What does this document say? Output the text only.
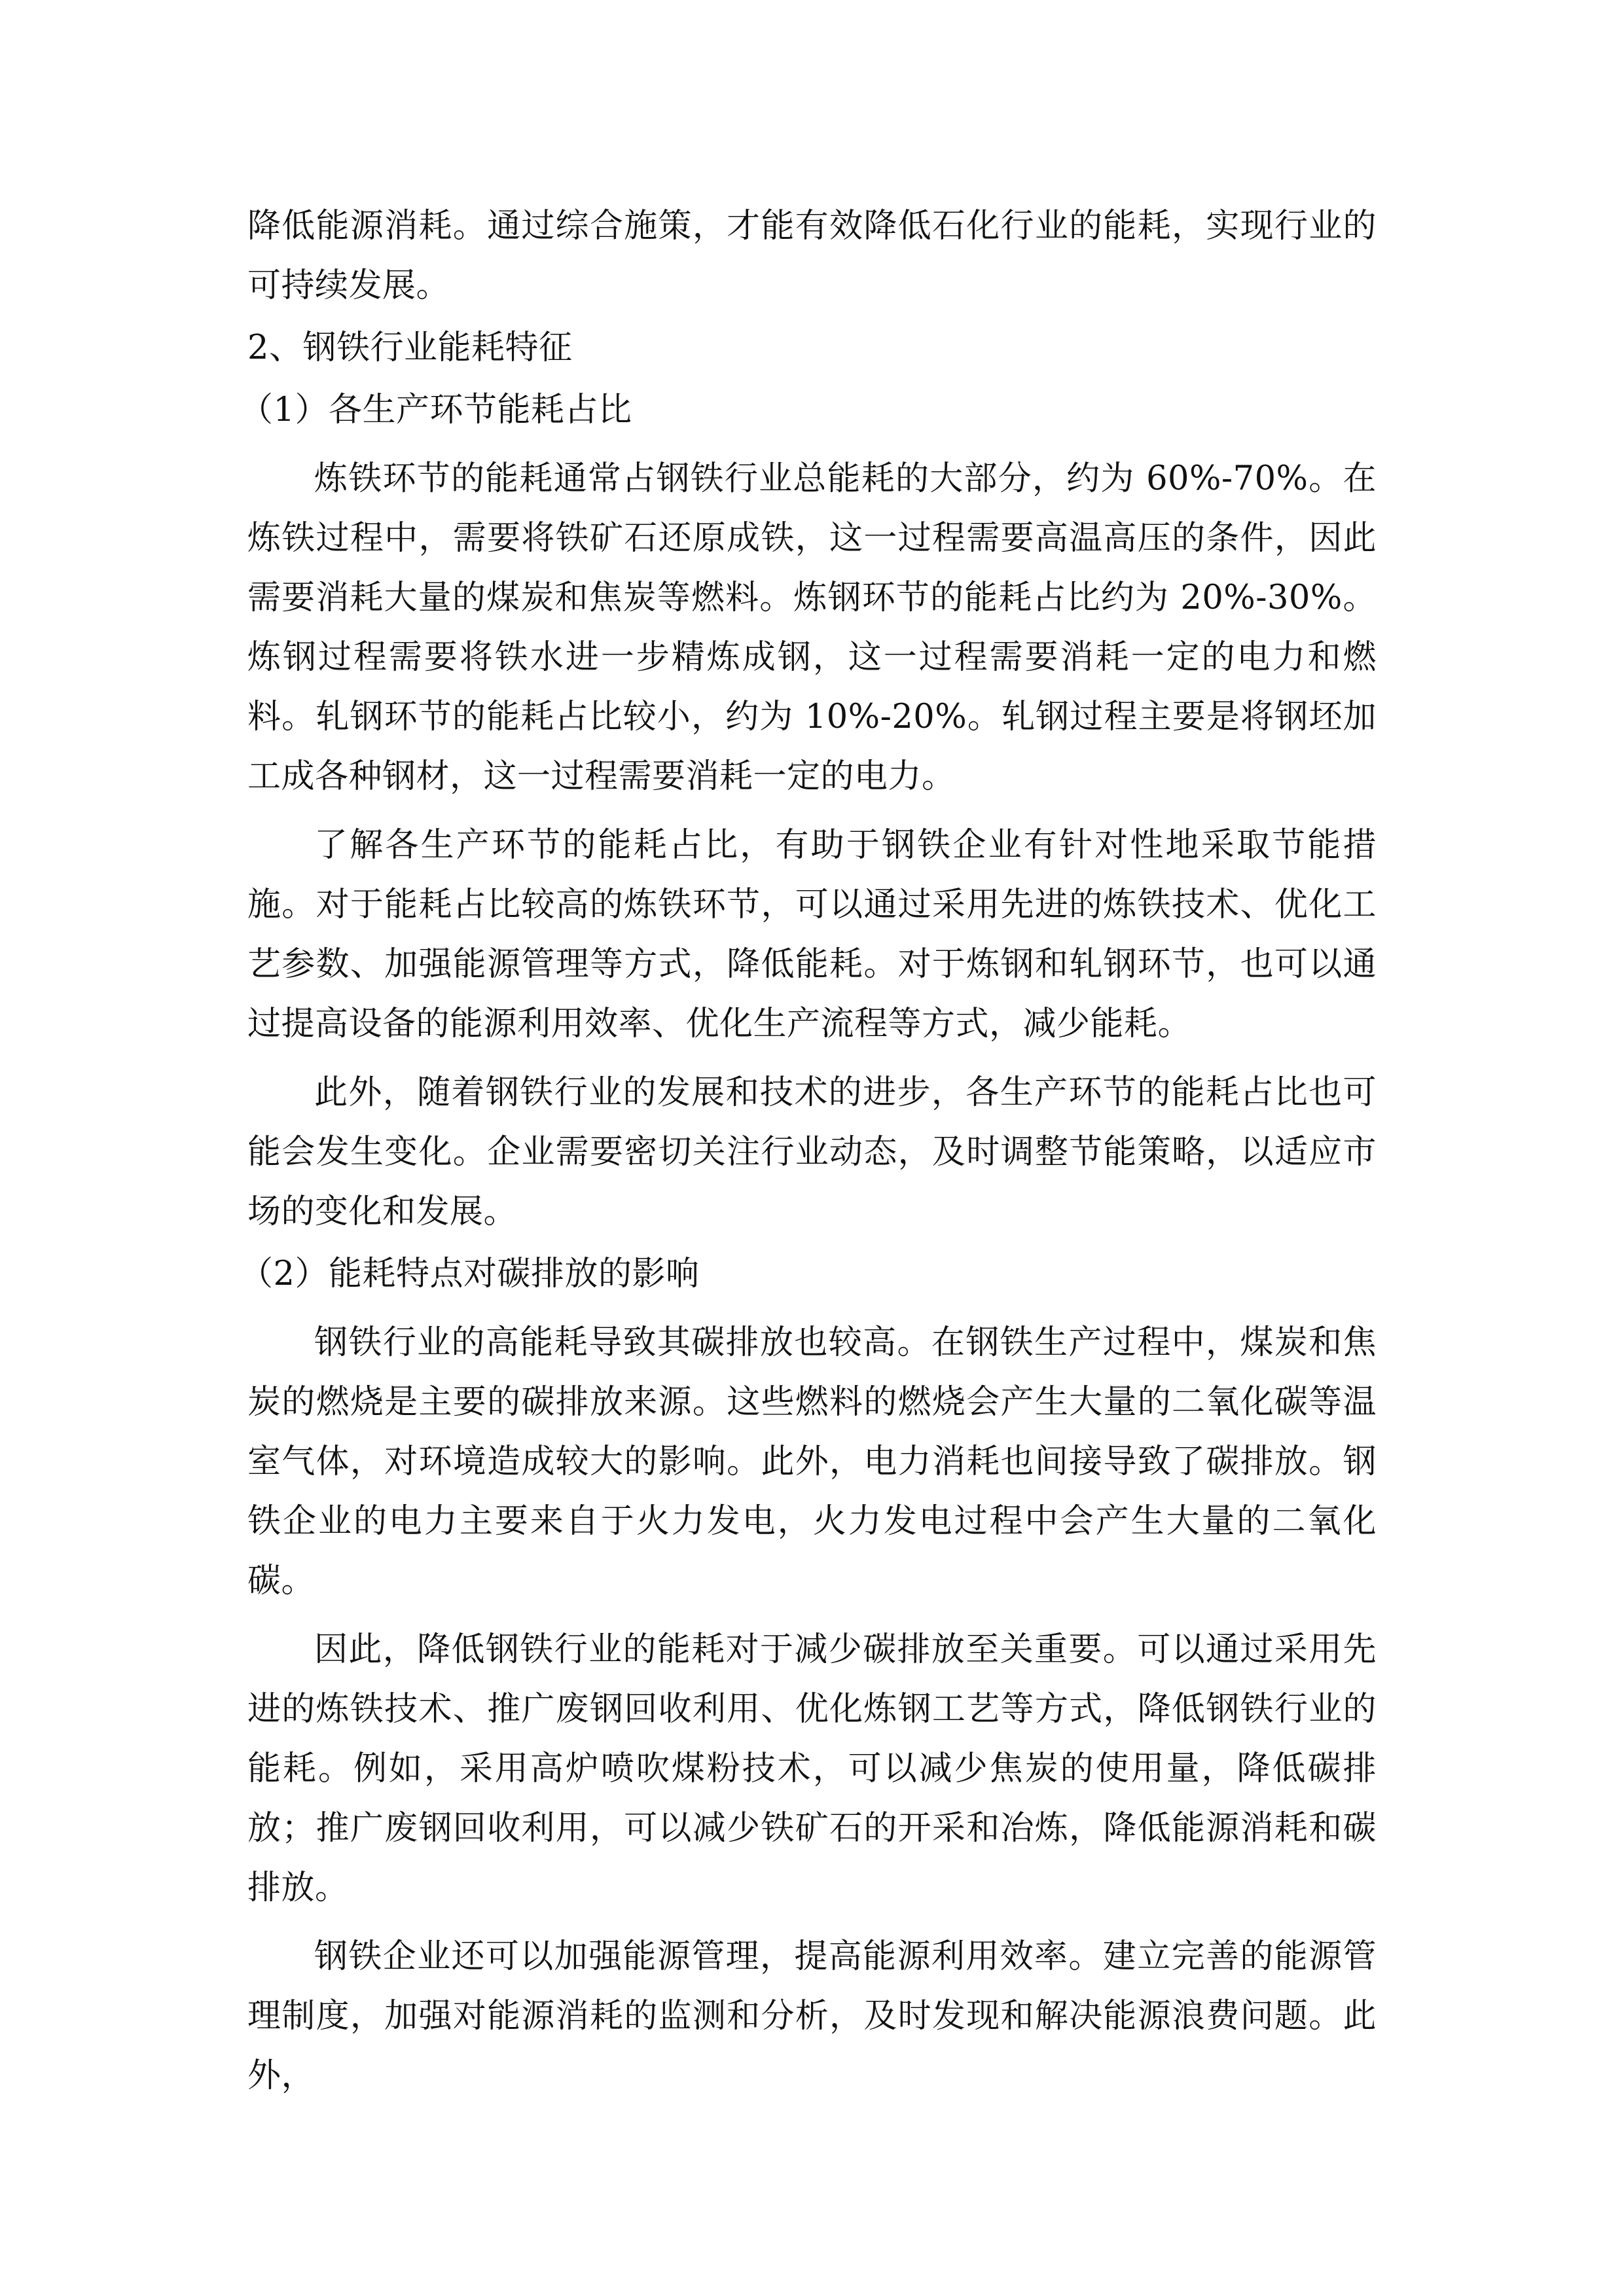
降低能源消耗。通过综合施策，才能有效降低石化行业的能耗，实现行业的可持续发展。

2、钢铁行业能耗特征

（1）各生产环节能耗占比

炼铁环节的能耗通常占钢铁行业总能耗的大部分，约为 60%-70%。在炼铁过程中，需要将铁矿石还原成铁，这一过程需要高温高压的条件，因此需要消耗大量的煤炭和焦炭等燃料。炼钢环节的能耗占比约为 20%-30%。炼钢过程需要将铁水进一步精炼成钢，这一过程需要消耗一定的电力和燃料。轧钢环节的能耗占比较小，约为 10%-20%。轧钢过程主要是将钢坯加工成各种钢材，这一过程需要消耗一定的电力。

了解各生产环节的能耗占比，有助于钢铁企业有针对性地采取节能措施。对于能耗占比较高的炼铁环节，可以通过采用先进的炼铁技术、优化工艺参数、加强能源管理等方式，降低能耗。对于炼钢和轧钢环节，也可以通过提高设备的能源利用效率、优化生产流程等方式，减少能耗。

此外，随着钢铁行业的发展和技术的进步，各生产环节的能耗占比也可能会发生变化。企业需要密切关注行业动态，及时调整节能策略，以适应市场的变化和发展。

（2）能耗特点对碳排放的影响

钢铁行业的高能耗导致其碳排放也较高。在钢铁生产过程中，煤炭和焦炭的燃烧是主要的碳排放来源。这些燃料的燃烧会产生大量的二氧化碳等温室气体，对环境造成较大的影响。此外，电力消耗也间接导致了碳排放。钢铁企业的电力主要来自于火力发电，火力发电过程中会产生大量的二氧化碳。

因此，降低钢铁行业的能耗对于减少碳排放至关重要。可以通过采用先进的炼铁技术、推广废钢回收利用、优化炼钢工艺等方式，降低钢铁行业的能耗。例如，采用高炉喷吹煤粉技术，可以减少焦炭的使用量，降低碳排放；推广废钢回收利用，可以减少铁矿石的开采和冶炼，降低能源消耗和碳排放。

钢铁企业还可以加强能源管理，提高能源利用效率。建立完善的能源管理制度，加强对能源消耗的监测和分析，及时发现和解决能源浪费问题。此外，
